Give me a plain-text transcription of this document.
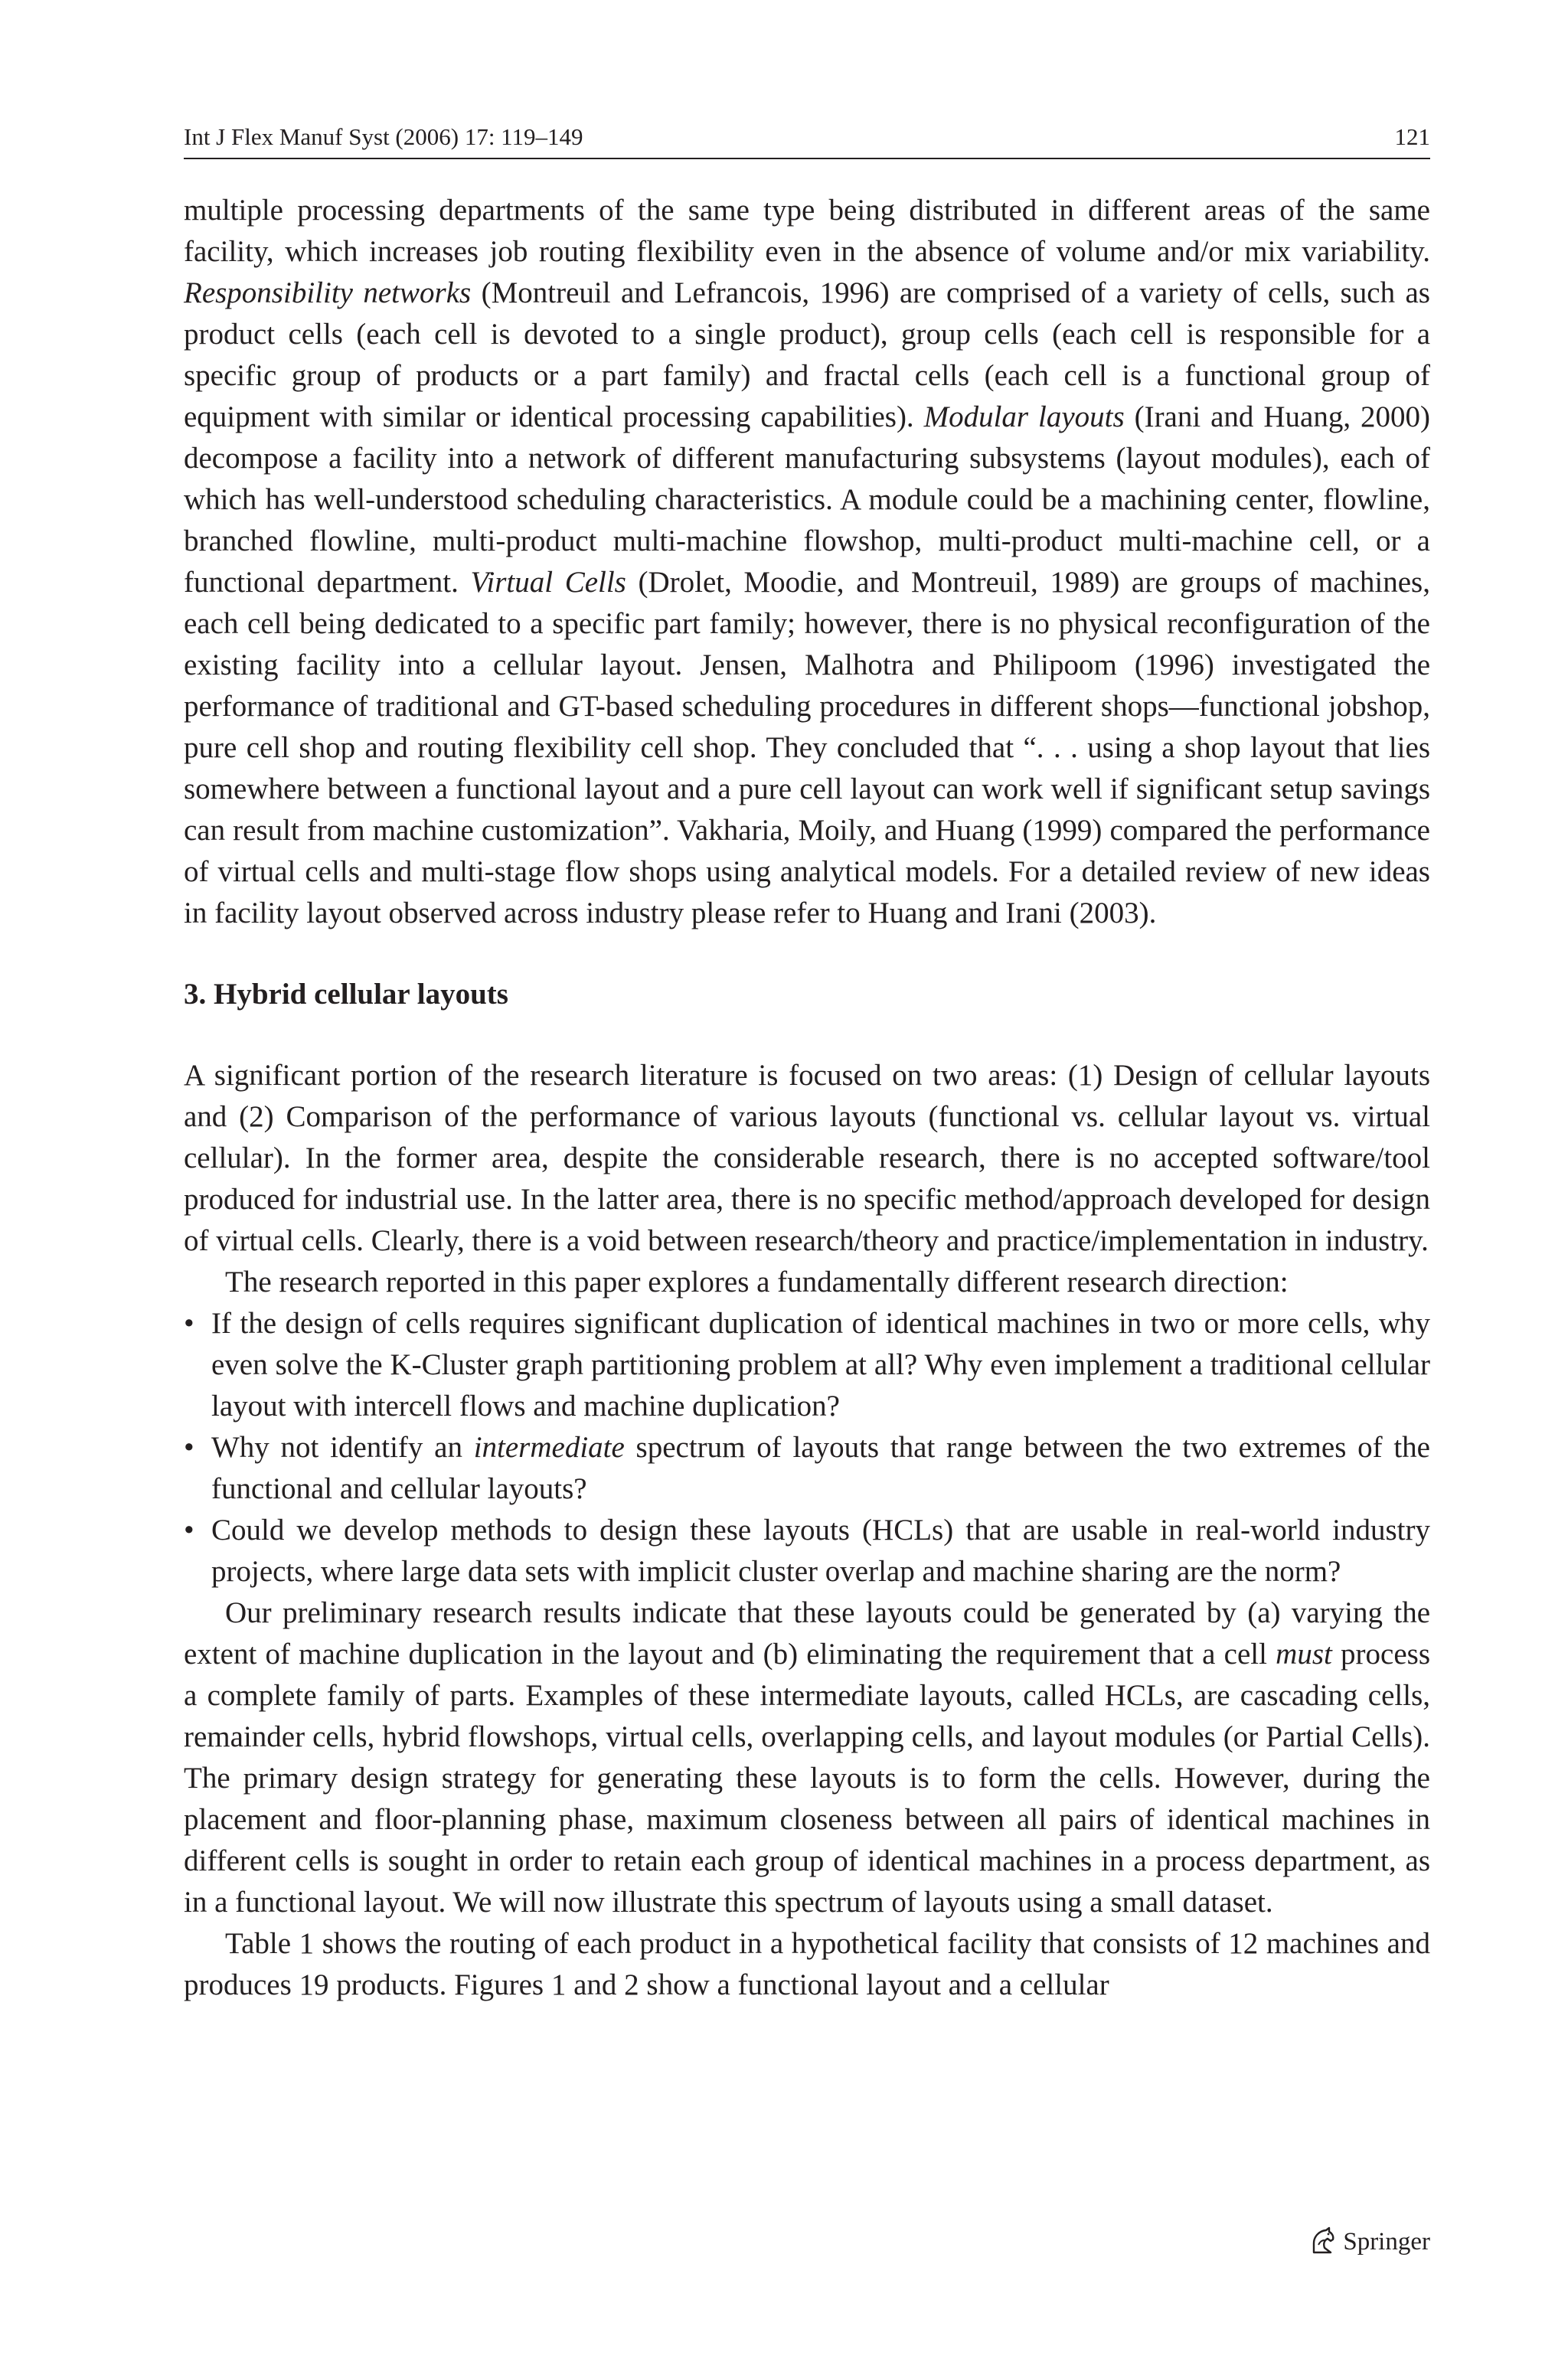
Int J Flex Manuf Syst (2006) 17: 119–149	121

multiple processing departments of the same type being distributed in different areas of the same facility, which increases job routing flexibility even in the absence of volume and/or mix variability. Responsibility networks (Montreuil and Lefrancois, 1996) are comprised of a variety of cells, such as product cells (each cell is devoted to a single product), group cells (each cell is responsible for a specific group of products or a part family) and fractal cells (each cell is a functional group of equipment with similar or identical processing capabilities). Modular layouts (Irani and Huang, 2000) decompose a facility into a network of different manufacturing subsystems (layout modules), each of which has well-understood scheduling characteristics. A module could be a machining center, flowline, branched flowline, multi-product multi-machine flowshop, multi-product multi-machine cell, or a functional department. Virtual Cells (Drolet, Moodie, and Montreuil, 1989) are groups of machines, each cell being dedicated to a specific part family; however, there is no physical reconfiguration of the existing facility into a cellular layout. Jensen, Malhotra and Philipoom (1996) investigated the performance of traditional and GT-based scheduling procedures in different shops—functional jobshop, pure cell shop and routing flexibility cell shop. They concluded that “. . . using a shop layout that lies somewhere between a functional layout and a pure cell layout can work well if significant setup savings can result from machine customization”. Vakharia, Moily, and Huang (1999) compared the performance of virtual cells and multi-stage flow shops using analytical models. For a detailed review of new ideas in facility layout observed across industry please refer to Huang and Irani (2003).

3. Hybrid cellular layouts

A significant portion of the research literature is focused on two areas: (1) Design of cellular layouts and (2) Comparison of the performance of various layouts (functional vs. cellular layout vs. virtual cellular). In the former area, despite the considerable research, there is no accepted software/tool produced for industrial use. In the latter area, there is no specific method/approach developed for design of virtual cells. Clearly, there is a void between research/theory and practice/implementation in industry.

The research reported in this paper explores a fundamentally different research direction:

• If the design of cells requires significant duplication of identical machines in two or more cells, why even solve the K-Cluster graph partitioning problem at all? Why even implement a traditional cellular layout with intercell flows and machine duplication?
• Why not identify an intermediate spectrum of layouts that range between the two extremes of the functional and cellular layouts?
• Could we develop methods to design these layouts (HCLs) that are usable in real-world industry projects, where large data sets with implicit cluster overlap and machine sharing are the norm?

Our preliminary research results indicate that these layouts could be generated by (a) varying the extent of machine duplication in the layout and (b) eliminating the requirement that a cell must process a complete family of parts. Examples of these intermediate layouts, called HCLs, are cascading cells, remainder cells, hybrid flowshops, virtual cells, overlapping cells, and layout modules (or Partial Cells). The primary design strategy for generating these layouts is to form the cells. However, during the placement and floor-planning phase, maximum closeness between all pairs of identical machines in different cells is sought in order to retain each group of identical machines in a process department, as in a functional layout. We will now illustrate this spectrum of layouts using a small dataset.

Table 1 shows the routing of each product in a hypothetical facility that consists of 12 machines and produces 19 products. Figures 1 and 2 show a functional layout and a cellular

Springer
